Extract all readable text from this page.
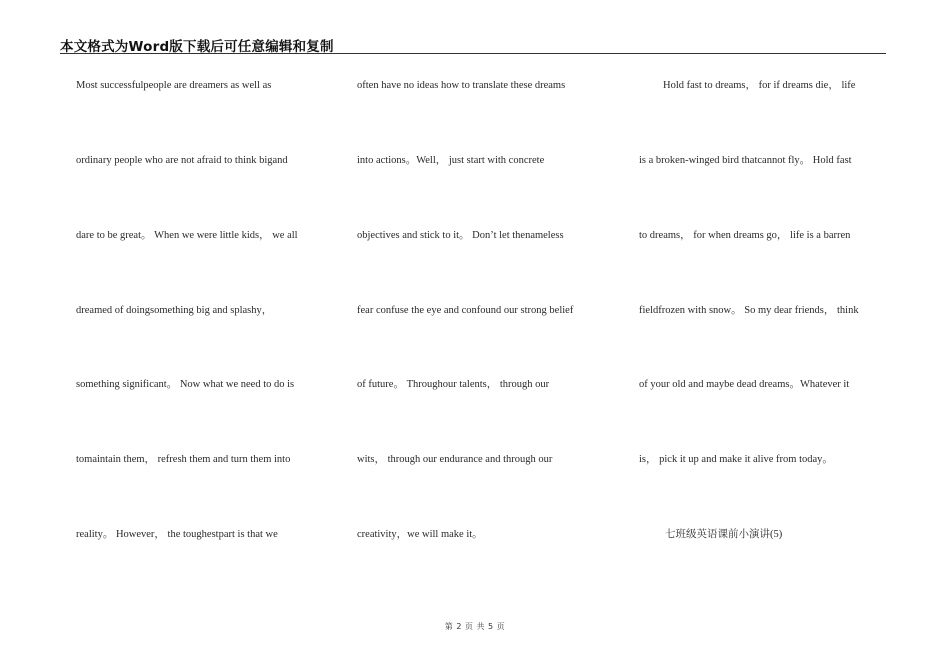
本文格式为Word版下载后可任意编辑和复制
Most successfulpeople are dreamers as well as
ordinary people who are not afraid to think bigand
dare to be great。 When we were little kids， we all
dreamed of doingsomething big and splashy，
something significant。 Now what we need to do is
tomaintain them， refresh them and turn them into
reality。 However， the toughestpart is that we
often have no ideas how to translate these dreams
into actions。Well， just start with concrete
objectives and stick to it。 Don’t let thenameless
fear confuse the eye and confound our strong belief
of future。 Throughour talents， through our
wits， through our endurance and through our
creativity，we will make it。
Hold fast to dreams， for if dreams die， life
is a broken-winged bird thatcannot fly。 Hold fast
to dreams， for when dreams go， life is a barren
fieldfrozen with snow。 So my dear friends， think
of your old and maybe dead dreams。Whatever it
is， pick it up and make it alive from today。
七班级英语课前小演讲(5)
第 2 页 共 5 页
